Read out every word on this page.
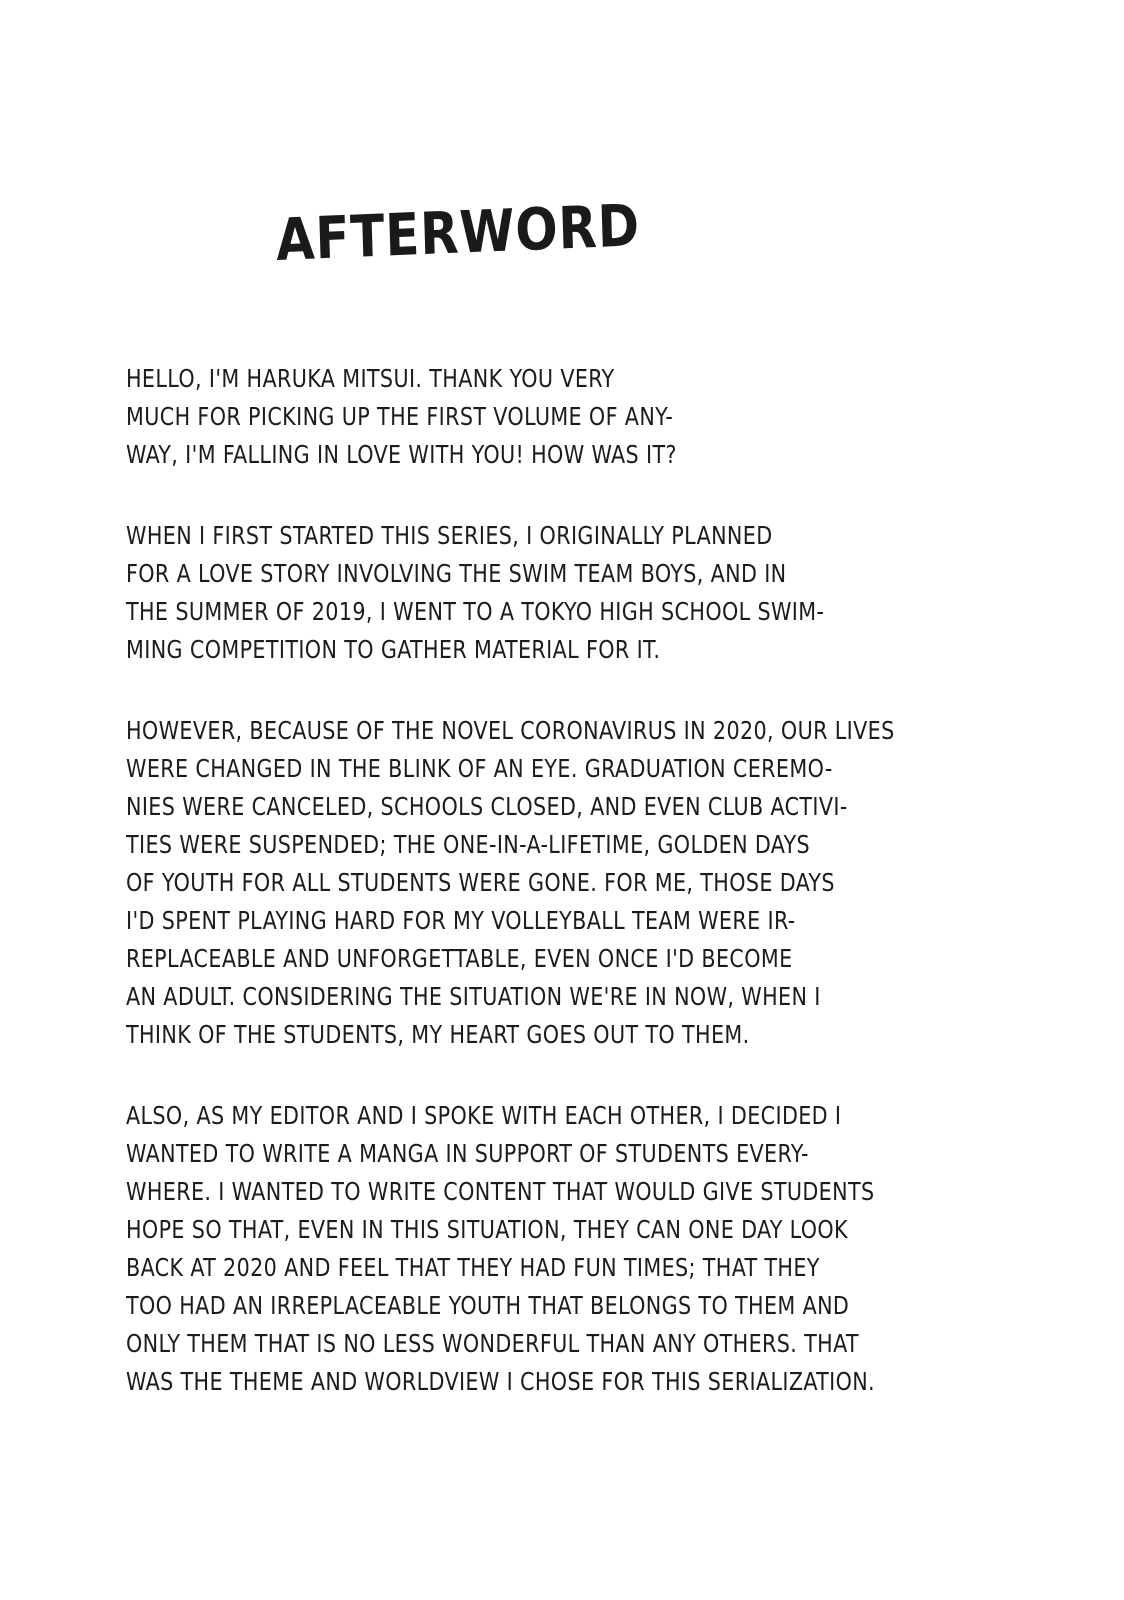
AFTERWORD
HELLO, I'M HARUKA MITSUI. THANK YOU VERY
MUCH FOR PICKING UP THE FIRST VOLUME OF ANY-
WAY, I'M FALLING IN LOVE WITH YOU! HOW WAS IT?
WHEN I FIRST STARTED THIS SERIES, I ORIGINALLY PLANNED
FOR A LOVE STORY INVOLVING THE SWIM TEAM BOYS, AND IN
THE SUMMER OF 2019, I WENT TO A TOKYO HIGH SCHOOL SWIM-
MING COMPETITION TO GATHER MATERIAL FOR IT.
HOWEVER, BECAUSE OF THE NOVEL CORONAVIRUS IN 2020, OUR LIVES
WERE CHANGED IN THE BLINK OF AN EYE. GRADUATION CEREMO-
NIES WERE CANCELED, SCHOOLS CLOSED, AND EVEN CLUB ACTIVI-
TIES WERE SUSPENDED; THE ONE-IN-A-LIFETIME, GOLDEN DAYS
OF YOUTH FOR ALL STUDENTS WERE GONE. FOR ME, THOSE DAYS
I'D SPENT PLAYING HARD FOR MY VOLLEYBALL TEAM WERE IR-
REPLACEABLE AND UNFORGETTABLE, EVEN ONCE I'D BECOME
AN ADULT. CONSIDERING THE SITUATION WE'RE IN NOW, WHEN I
THINK OF THE STUDENTS, MY HEART GOES OUT TO THEM.
ALSO, AS MY EDITOR AND I SPOKE WITH EACH OTHER, I DECIDED I
WANTED TO WRITE A MANGA IN SUPPORT OF STUDENTS EVERY-
WHERE. I WANTED TO WRITE CONTENT THAT WOULD GIVE STUDENTS
HOPE SO THAT, EVEN IN THIS SITUATION, THEY CAN ONE DAY LOOK
BACK AT 2020 AND FEEL THAT THEY HAD FUN TIMES; THAT THEY
TOO HAD AN IRREPLACEABLE YOUTH THAT BELONGS TO THEM AND
ONLY THEM THAT IS NO LESS WONDERFUL THAN ANY OTHERS. THAT
WAS THE THEME AND WORLDVIEW I CHOSE FOR THIS SERIALIZATION.
